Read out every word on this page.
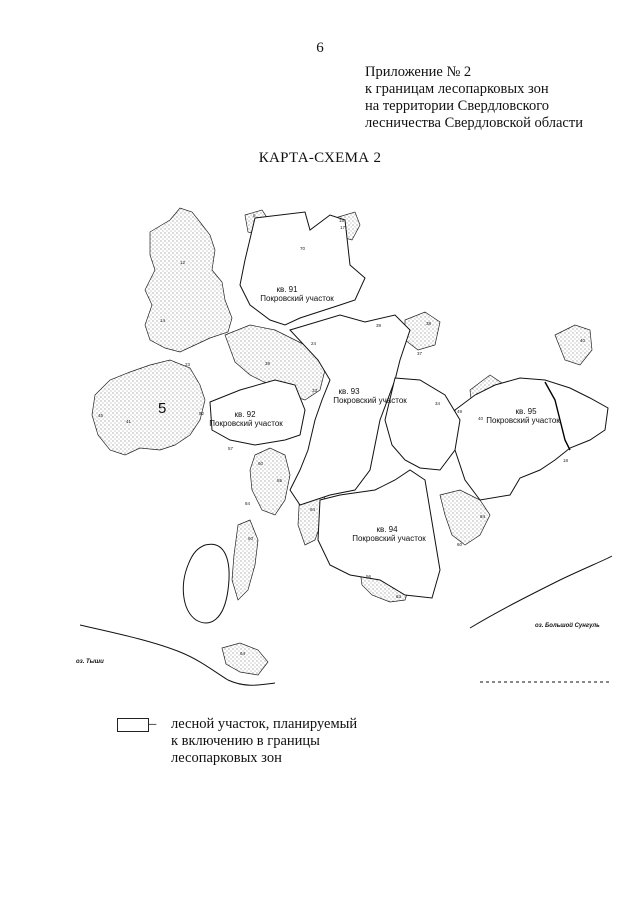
6
Приложение № 2
к границам лесопарковых зон
на территории Свердловского
лесничества Свердловской области
КАРТА-СХЕМА 2
8
70
15
17
12
14
23
45
41
52
39
24
33
39
37
38
34
57
60
55
84
60
64
40
49
84
60
56
63
40
18
64
кв. 91
Покровский участок
кв. 92
Покровский участок
кв. 93
Покровский участок
кв. 94
Покровский участок
кв. 95
Покровский участок
5
оз. Большой Сунгуль
оз. Тыши
– лесной участок, планируемый
к включению в границы
лесопарковых зон
